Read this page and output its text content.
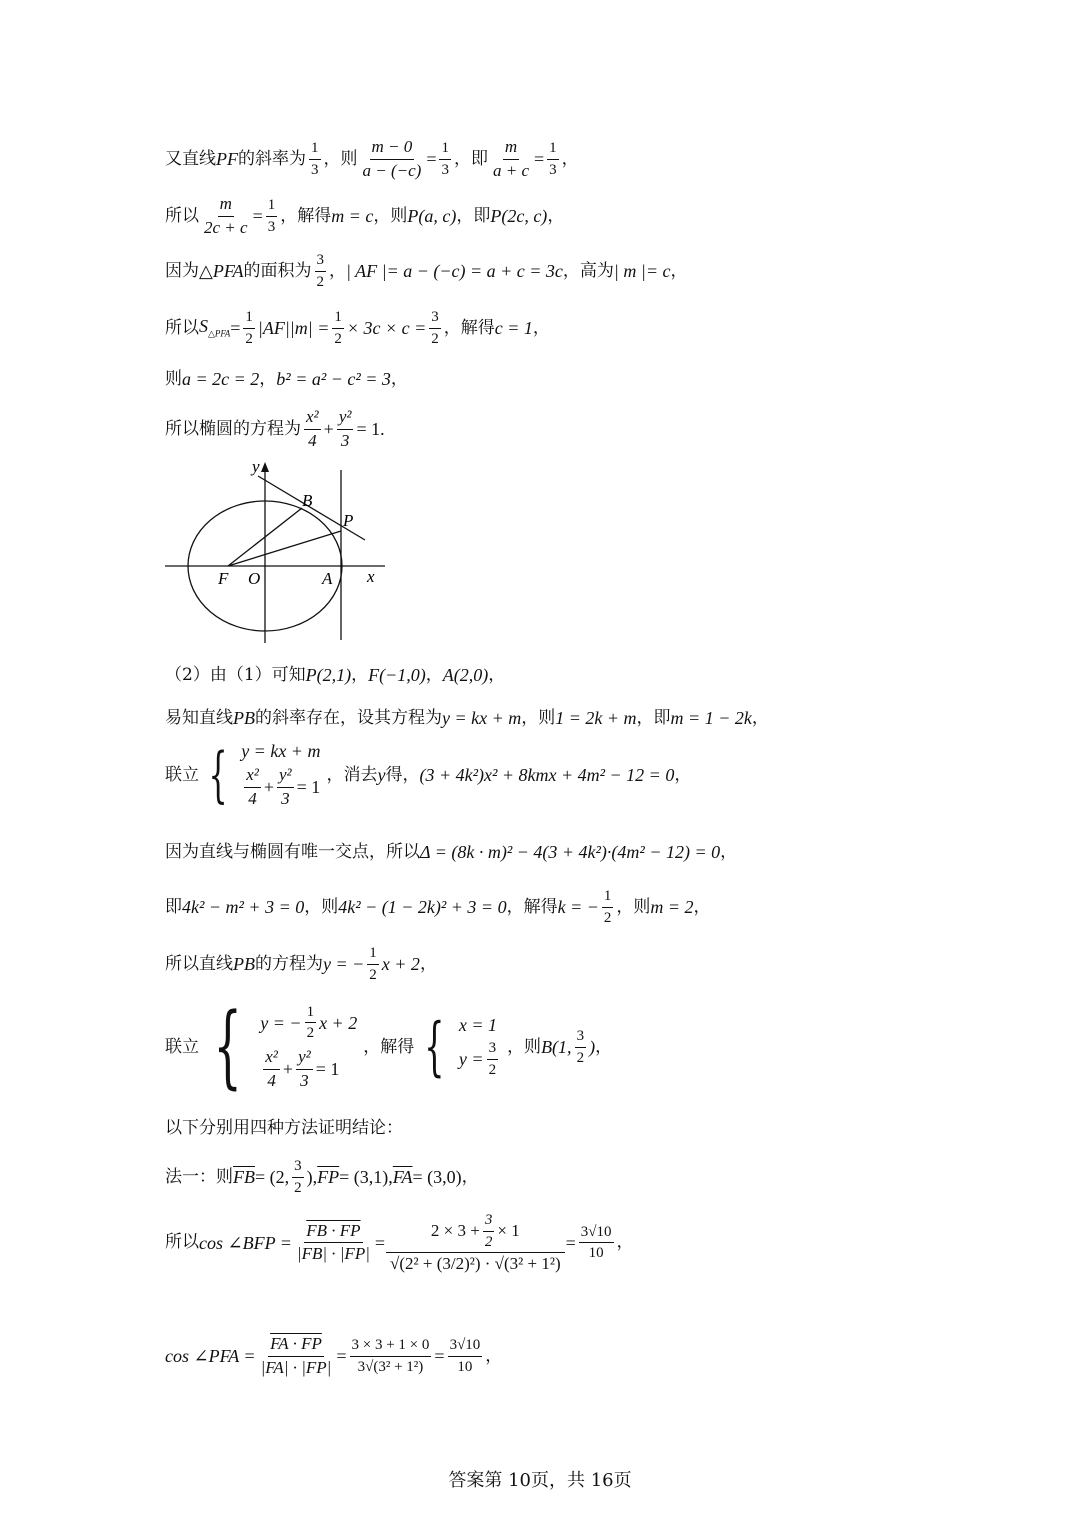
又直线 PF 的斜率为 $\frac{1}{3}$ ，则 $\frac{m - 0}{a - (-c)} = \frac{1}{3}$ ，即 $\frac{m}{a + c} = \frac{1}{3}$ ，
所以 $\frac{m}{2c + c} = \frac{1}{3}$ ，解得 m = c ，则 P(a, c) ，即 P(2c, c) ，
因为 △PFA 的面积为 $\frac{3}{2}$ ， | AF |= a − (−c) = a + c = 3c ，高为 | m |= c ，
所以 $S_{\triangle PFA} = \frac{1}{2} |AF||m| = \frac{1}{2} \times 3c \times c = \frac{3}{2}$ ，解得 c = 1 ，
则 a = 2c = 2 ， b² = a² − c² = 3 ，
所以椭圆的方程为 $\frac{\text{x²}}{4} + \frac{\text{y²}}{3} = 1$.
y
x
F O	A
B
P
（2）由（1）可知 P(2,1) ， F(−1,0) ， A(2,0) ，
易知直线 PB 的斜率存在，设其方程为 y = kx + m ，则 1 = 2k + m ，即 m = 1 − 2k ，
联立 { y = kx + m
$\frac{\text{x²}}{4} + \frac{\text{y²}}{3} = 1$
，消去 y 得， (3 + 4k²)x² + 8kmx + 4m² − 12 = 0 ，
因为直线与椭圆有唯一交点，所以 Δ = (8k · m)² − 4(3 + 4k²)·(4m² − 12) = 0 ，
即 4k² − m² + 3 = 0 ，则 4k² − (1 − 2k)² + 3 = 0 ，解得 k = − $\frac{1}{2}$ ，则 m = 2 ，
所以直线 PB 的方程为 y = − $\frac{1}{2}$ x + 2 ，
联立 { y = − $\frac{1}{2}$ x + 2
$\frac{\text{x²}}{4} + \frac{\text{y²}}{3} = 1$
，解得 { x = 1
$y = \frac{3}{2}$ ，则 B(1, $\frac{3}{2}$ ) ，
以下分别用四种方法证明结论：
法一：则 $\overline{FB} = (2$, $\frac{3}{2}$ ), $\overline{FP} = (3,1)$, $\overline{FA} = (3,0)$ ，
所以 cos ∠BFP = $\frac{FB \cdot FP}{|FB| \cdot |FP|} = \frac{2 \times 3 + \frac{3}{2} \times 1}{\text{√(2² + (3/2)²) · √(3² + 1²)}} = \frac{3√10}{10}$ ，
cos ∠PFA = $\frac{FA \cdot FP}{|FA| \cdot |FP|} = \frac{3 \times 3 + 1 \times 0}{\text{3√(3² + 1²)}} = \frac{3√10}{10}$ ，
答案第 10页，共 16页
